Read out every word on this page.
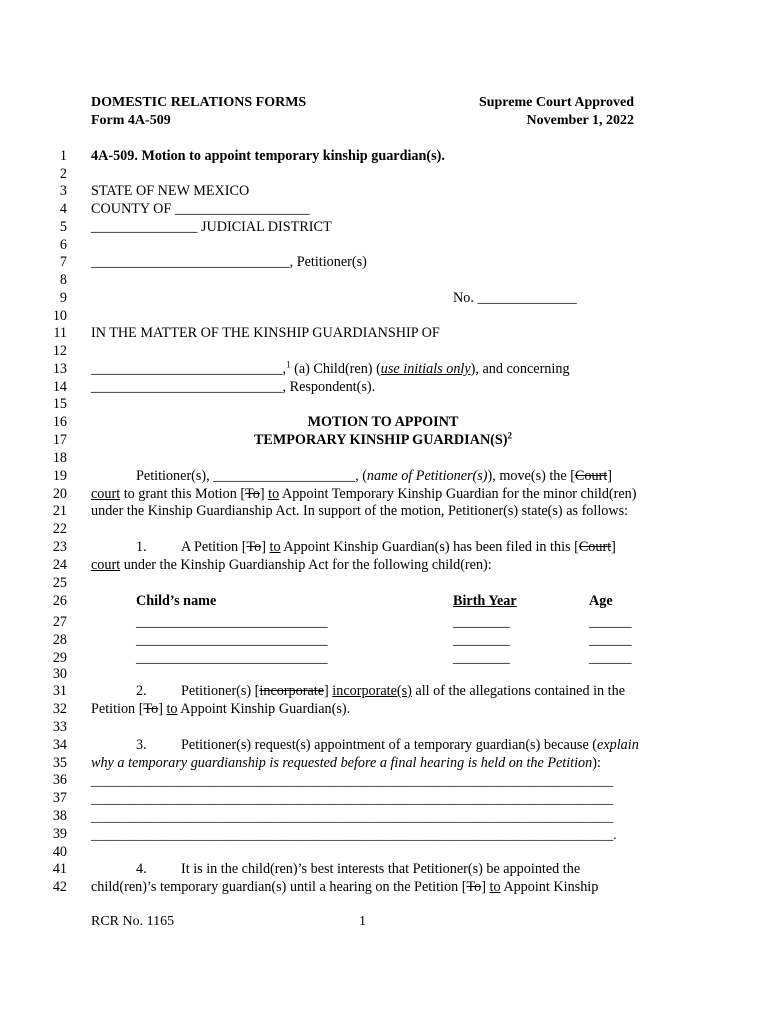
DOMESTIC RELATIONS FORMS
Form 4A-509
Supreme Court Approved
November 1, 2022
1
2
3
4
5
6
7
8
9
10
11
12
13
14
15
16
17
18
19
20
21
22
23
24
25
26
27
28
29
30
31
32
33
34
35
36
37
38
39
40
41
42
4A-509. Motion to appoint temporary kinship guardian(s).
STATE OF NEW MEXICO
COUNTY OF ___________________
_______________ JUDICIAL DISTRICT
____________________________, Petitioner(s)
No. ______________
IN THE MATTER OF THE KINSHIP GUARDIANSHIP OF
___________________________,$^1$ (a) Child(ren) (use initials only), and concerning
___________________________, Respondent(s).
MOTION TO APPOINT
TEMPORARY KINSHIP $GUARDIAN(S)^2$
Petitioner(s), ____________________, (name of Petitioner(s)), move(s) the [Court]
court to grant this Motion [To] to Appoint Temporary Kinship Guardian for the minor child(ren)
under the Kinship Guardianship Act. In support of the motion, Petitioner(s) state(s) as follows:
1. A Petition [To] to Appoint Kinship Guardian(s) has been filed in this [Court]
court under the Kinship Guardianship Act for the following child(ren):
Child’s name	Birth Year	Age
___________________________	________	______
___________________________	________	______
___________________________	________	______
2. Petitioner(s) [incorporate] incorporate(s) all of the allegations contained in the
Petition [To] to Appoint Kinship Guardian(s).
3. Petitioner(s) request(s) appointment of a temporary guardian(s) because (explain
why a temporary guardianship is requested before a final hearing is held on the Petition):
______________________________________________________________________________
______________________________________________________________________________
______________________________________________________________________________
______________________________________________________________________________.
4. It is in the child(ren)’s best interests that Petitioner(s) be appointed the
child(ren)’s temporary guardian(s) until a hearing on the Petition [To] to Appoint Kinship
RCR No. 1165	1
